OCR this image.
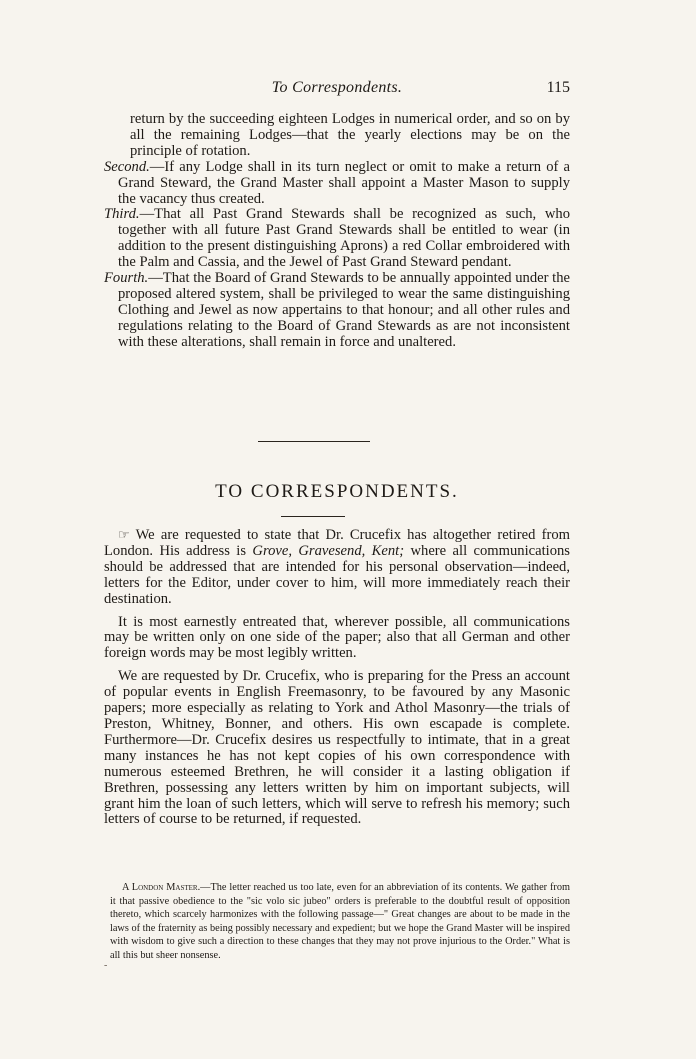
To Correspondents.	115

return by the succeeding eighteen Lodges in numerical order, and so on by all the remaining Lodges—that the yearly elections may be on the principle of rotation.

Second.—If any Lodge shall in its turn neglect or omit to make a return of a Grand Steward, the Grand Master shall appoint a Master Mason to supply the vacancy thus created.

Third.—That all Past Grand Stewards shall be recognized as such, who together with all future Past Grand Stewards shall be entitled to wear (in addition to the present distinguishing Aprons) a red Collar embroidered with the Palm and Cassia, and the Jewel of Past Grand Steward pendant.

Fourth.—That the Board of Grand Stewards to be annually appointed under the proposed altered system, shall be privileged to wear the same distinguishing Clothing and Jewel as now appertains to that honour; and all other rules and regulations relating to the Board of Grand Stewards as are not inconsistent with these alterations, shall remain in force and unaltered.

TO CORRESPONDENTS.

☞ We are requested to state that Dr. Crucefix has altogether retired from London. His address is Grove, Gravesend, Kent; where all communications should be addressed that are intended for his personal observation—indeed, letters for the Editor, under cover to him, will more immediately reach their destination.

It is most earnestly entreated that, wherever possible, all communications may be written only on one side of the paper; also that all German and other foreign words may be most legibly written.

We are requested by Dr. Crucefix, who is preparing for the Press an account of popular events in English Freemasonry, to be favoured by any Masonic papers; more especially as relating to York and Athol Masonry—the trials of Preston, Whitney, Bonner, and others. His own escapade is complete. Furthermore—Dr. Crucefix desires us respectfully to intimate, that in a great many instances he has not kept copies of his own correspondence with numerous esteemed Brethren, he will consider it a lasting obligation if Brethren, possessing any letters written by him on important subjects, will grant him the loan of such letters, which will serve to refresh his memory; such letters of course to be returned, if requested.

A London Master.—The letter reached us too late, even for an abbreviation of its contents. We gather from it that passive obedience to the "sic volo sic jubeo" orders is preferable to the doubtful result of opposition thereto, which scarcely harmonizes with the following passage—" Great changes are about to be made in the laws of the fraternity as being possibly necessary and expedient; but we hope the Grand Master will be inspired with wisdom to give such a direction to these changes that they may not prove injurious to the Order." What is all this but sheer nonsense.

-
